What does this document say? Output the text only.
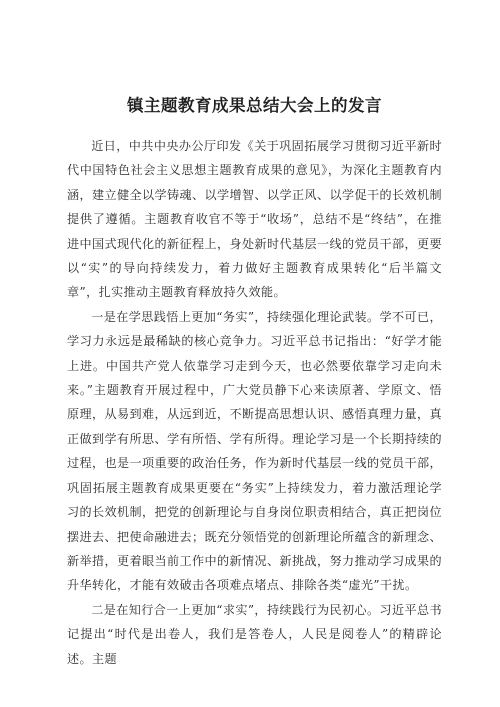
镇主题教育成果总结大会上的发言

近日，中共中央办公厅印发《关于巩固拓展学习贯彻习近平新时代中国特色社会主义思想主题教育成果的意见》，为深化主题教育内涵，建立健全以学铸魂、以学增智、以学正风、以学促干的长效机制提供了遵循。主题教育收官不等于“收场”，总结不是“终结”，在推进中国式现代化的新征程上，身处新时代基层一线的党员干部，更要以“实”的导向持续发力，着力做好主题教育成果转化“后半篇文章”，扎实推动主题教育释放持久效能。

一是在学思践悟上更加“务实”，持续强化理论武装。学不可已，学习力永远是最稀缺的核心竞争力。习近平总书记指出：“好学才能上进。中国共产党人依靠学习走到今天，也必然要依靠学习走向未来。”主题教育开展过程中，广大党员静下心来读原著、学原文、悟原理，从易到难，从远到近，不断提高思想认识、感悟真理力量，真正做到学有所思、学有所悟、学有所得。理论学习是一个长期持续的过程，也是一项重要的政治任务，作为新时代基层一线的党员干部，巩固拓展主题教育成果更要在“务实”上持续发力，着力激活理论学习的长效机制，把党的创新理论与自身岗位职责相结合，真正把岗位摆进去、把使命融进去；既充分领悟党的创新理论所蕴含的新理念、新举措，更着眼当前工作中的新情况、新挑战，努力推动学习成果的升华转化，才能有效破击各项难点堵点、排除各类“虚光”干扰。

二是在知行合一上更加“求实”，持续践行为民初心。习近平总书记提出“时代是出卷人，我们是答卷人，人民是阅卷人”的精辟论述。主题
